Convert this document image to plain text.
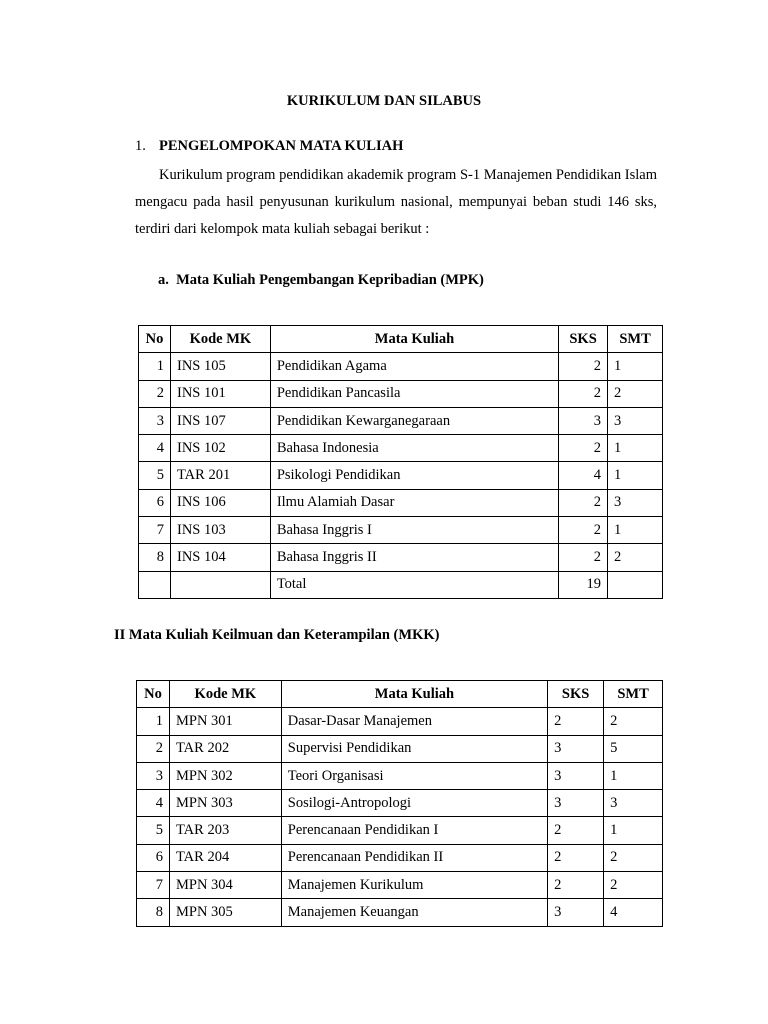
KURIKULUM DAN SILABUS
1. PENGELOMPOKAN MATA KULIAH
Kurikulum program pendidikan akademik program S-1 Manajemen Pendidikan Islam mengacu pada hasil penyusunan kurikulum nasional, mempunyai beban studi 146 sks, terdiri dari kelompok mata kuliah sebagai berikut :
a.  Mata Kuliah Pengembangan Kepribadian (MPK)
No	Kode MK	Mata Kuliah	SKS	SMT
1	INS 105	Pendidikan Agama	2	1
2	INS 101	Pendidikan Pancasila	2	2
3	INS 107	Pendidikan Kewarganegaraan	3	3
4	INS 102	Bahasa Indonesia	2	1
5	TAR 201	Psikologi Pendidikan	4	1
6	INS 106	Ilmu Alamiah Dasar	2	3
7	INS 103	Bahasa Inggris I	2	1
8	INS 104	Bahasa Inggris II	2	2
		Total	19	
II Mata Kuliah Keilmuan dan Keterampilan (MKK)
No	Kode MK	Mata Kuliah	SKS	SMT
1	MPN 301	Dasar-Dasar Manajemen	2	2
2	TAR 202	Supervisi Pendidikan	3	5
3	MPN 302	Teori Organisasi	3	1
4	MPN 303	Sosilogi-Antropologi	3	3
5	TAR 203	Perencanaan Pendidikan I	2	1
6	TAR 204	Perencanaan Pendidikan II	2	2
7	MPN 304	Manajemen Kurikulum	2	2
8	MPN 305	Manajemen Keuangan	3	4
